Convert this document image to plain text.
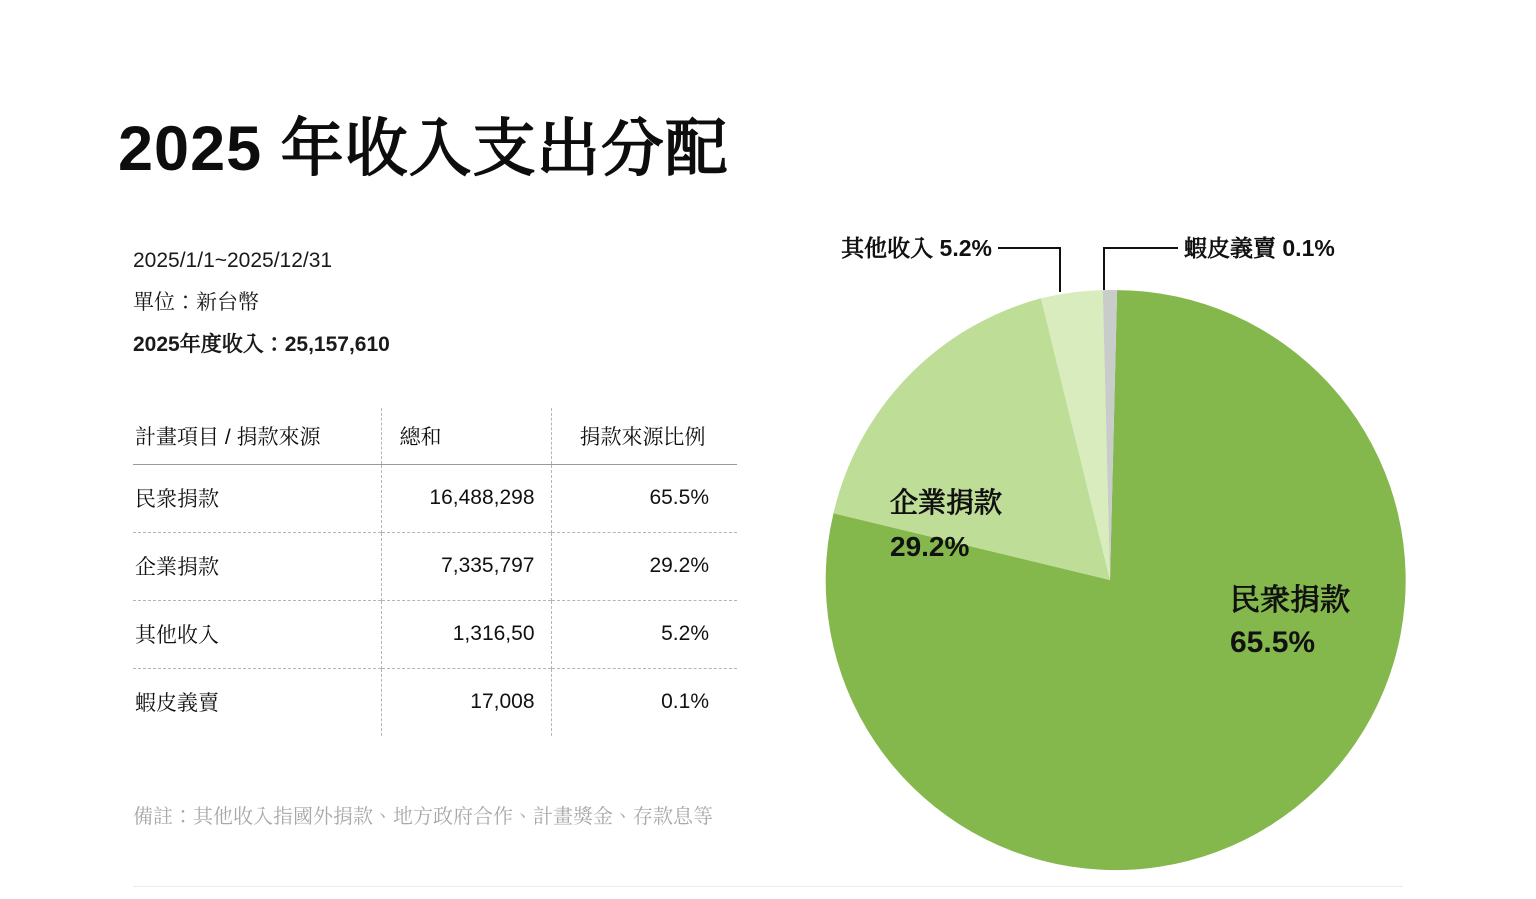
2025 年收入支出分配
2025/1/1~2025/12/31
單位：新台幣
2025年度收入：25,157,610
計畫項目 / 捐款來源	總和	捐款來源比例
民衆捐款	16,488,298	65.5%
企業捐款	7,335,797	29.2%
其他收入	1,316,50	5.2%
蝦皮義賣	17,008	0.1%
備註：其他收入指國外捐款、地方政府合作、計畫獎金、存款息等
民衆捐款
65.5%
企業捐款
29.2%
其他收入 5.2%	蝦皮義賣 0.1%
